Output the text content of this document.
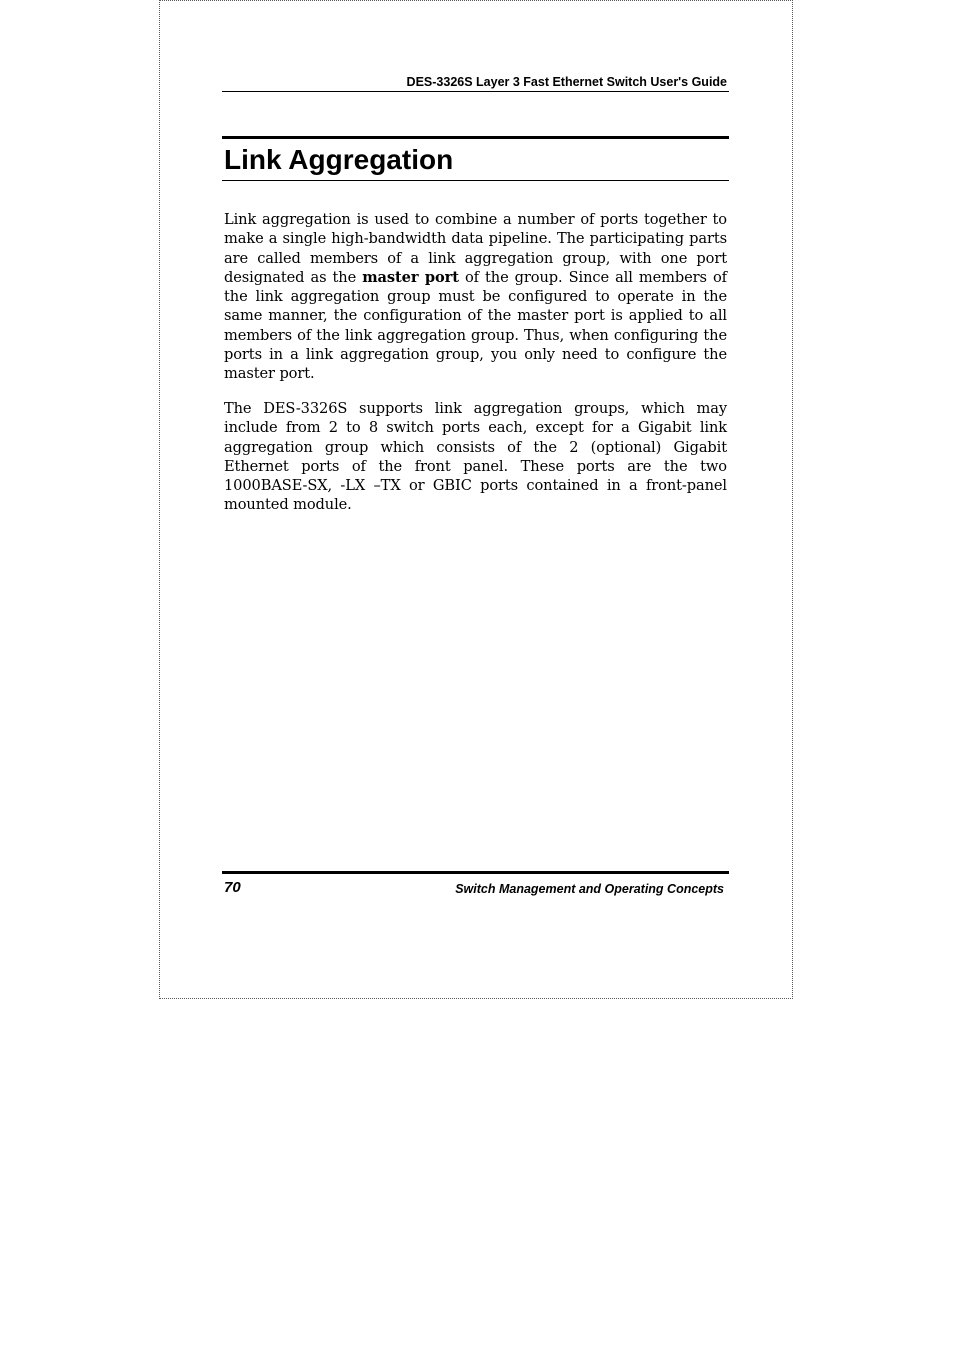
DES-3326S Layer 3 Fast Ethernet Switch User's Guide
Link Aggregation

Link aggregation is used to combine a number of ports together to make a single high-bandwidth data pipeline. The participating parts are called members of a link aggregation group, with one port designated as the master port of the group. Since all members of the link aggregation group must be configured to operate in the same manner, the configuration of the master port is applied to all members of the link aggregation group. Thus, when configuring the ports in a link aggregation group, you only need to configure the master port.

The DES-3326S supports link aggregation groups, which may include from 2 to 8 switch ports each, except for a Gigabit link aggregation group which consists of the 2 (optional) Gigabit Ethernet ports of the front panel. These ports are the two 1000BASE-SX, -LX –TX or GBIC ports contained in a front-panel mounted module.

70	Switch Management and Operating Concepts
